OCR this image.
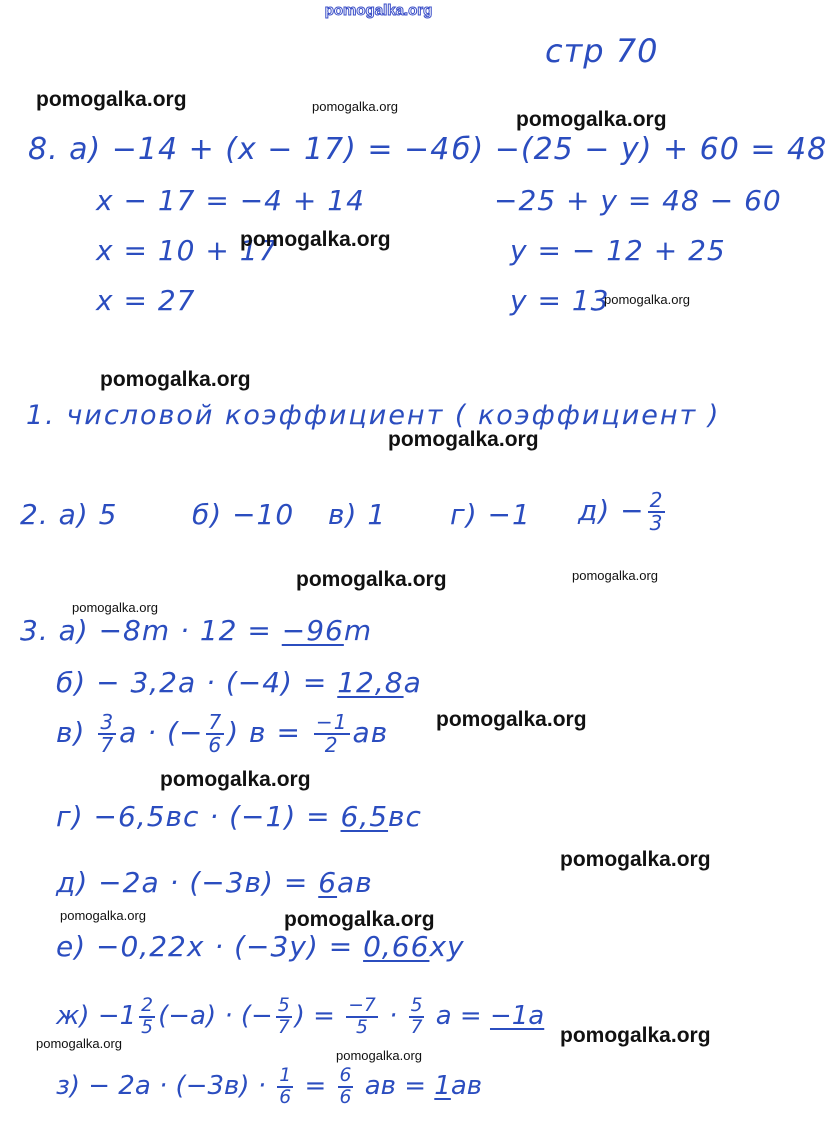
pomogalka.org
стр 70
8. а) −14 + (x − 17) = −4
x − 17 = −4 + 14
x = 10 + 17
x = 27
б) −(25 − y) + 60 = 48
−25 + y = 48 − 60
y = − 12 + 25
y = 13
1. числовой коэффициент ( коэффициент )
2. а) 5	б) −10 в) 1 г) −1 $д) - \frac{2}{3}$
3. а) −8m · 12 = −96m
б) − 3,2a · (−4) = 12,8a
$в) \frac{3}{7}$ a · (− $\frac{7}{6}$ ) $в = \frac{-1}{2}$ aв
г) −6,5вс · (−1) = 6,5вс
д) −2a · (−3в) = 6aв
е) −0,22x · (−3y) = 0,66xy
$ж) -1 \frac{2}{5} (-a)$ · (− $\frac{5}{7}$ ) = $\frac{-7}{5} \cdot \frac{5}{7}$ a = −1a
$з) - 2a \cdot (-3в) \cdot \frac{1}{6} = \frac{6}{6}$ aв = 1aв
pomogalka.org	pomogalka.org
pomogalka.org
pomogalka.org
pomogalka.org
pomogalka.org
pomogalka.org
pomogalka.org	pomogalka.org
pomogalka.org
pomogalka.org
pomogalka.org
pomogalka.org
pomogalka.org	pomogalka.org
pomogalka.org
pomogalka.org
pomogalka.org
